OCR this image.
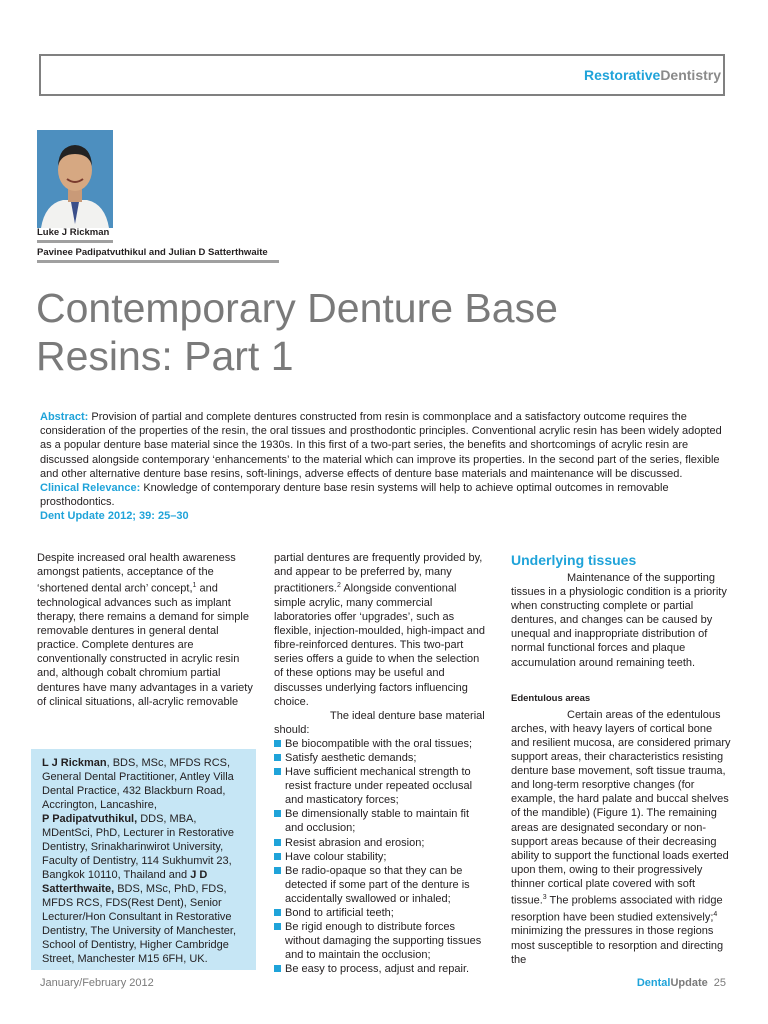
RestorativeDentistry
Luke J Rickman
Pavinee Padipatvuthikul and Julian D Satterthwaite
Contemporary Denture Base
Resins: Part 1
Abstract: Provision of partial and complete dentures constructed from resin is commonplace and a satisfactory outcome requires the consideration of the properties of the resin, the oral tissues and prosthodontic principles. Conventional acrylic resin has been widely adopted as a popular denture base material since the 1930s. In this first of a two-part series, the benefits and shortcomings of acrylic resin are discussed alongside contemporary ‘enhancements’ to the material which can improve its properties. In the second part of the series, flexible and other alternative denture base resins, soft-linings, adverse effects of denture base materials and maintenance will be discussed.
Clinical Relevance: Knowledge of contemporary denture base resin systems will help to achieve optimal outcomes in removable prosthodontics.
Dent Update 2012; 39: 25–30

Despite increased oral health awareness amongst patients, acceptance of the ‘shortened dental arch’ concept,$^1$ and technological advances such as implant therapy, there remains a demand for simple removable dentures in general dental practice. Complete dentures are conventionally constructed in acrylic resin and, although cobalt chromium partial dentures have many advantages in a variety of clinical situations, all-acrylic removable

L J Rickman, BDS, MSc, MFDS RCS, General Dental Practitioner, Antley Villa Dental Practice, 432 Blackburn Road, Accrington, Lancashire,
P Padipatvuthikul, DDS, MBA, MDentSci, PhD, Lecturer in Restorative Dentistry, Srinakharinwirot University, Faculty of Dentistry, 114 Sukhumvit 23, Bangkok 10110, Thailand and J D Satterthwaite, BDS, MSc, PhD, FDS, MFDS RCS, FDS(Rest Dent), Senior Lecturer/Hon Consultant in Restorative Dentistry, The University of Manchester, School of Dentistry, Higher Cambridge Street, Manchester M15 6FH, UK.

partial dentures are frequently provided by, and appear to be preferred by, many practitioners.$^2$ Alongside conventional simple acrylic, many commercial laboratories offer ‘upgrades’, such as flexible, injection-moulded, high-impact and fibre-reinforced dentures. This two-part series offers a guide to when the selection of these options may be useful and discusses underlying factors influencing choice.

The ideal denture base material should:

Be biocompatible with the oral tissues;
Satisfy aesthetic demands;
Have sufficient mechanical strength to resist fracture under repeated occlusal and masticatory forces;
Be dimensionally stable to maintain fit and occlusion;
Resist abrasion and erosion;
Have colour stability;
Be radio-opaque so that they can be detected if some part of the denture is accidentally swallowed or inhaled;
Bond to artificial teeth;
Be rigid enough to distribute forces without damaging the supporting tissues and to maintain the occlusion;
Be easy to process, adjust and repair.

Underlying tissues

Maintenance of the supporting tissues in a physiologic condition is a priority when constructing complete or partial dentures, and changes can be caused by unequal and inappropriate distribution of normal functional forces and plaque accumulation around remaining teeth.

Edentulous areas

Certain areas of the edentulous arches, with heavy layers of cortical bone and resilient mucosa, are considered primary support areas, their characteristics resisting denture base movement, soft tissue trauma, and long-term resorptive changes (for example, the hard palate and buccal shelves of the mandible) (Figure 1). The remaining areas are designated secondary or non-support areas because of their decreasing ability to support the functional loads exerted upon them, owing to their progressively thinner cortical plate covered with soft tissue.$^3$ The problems associated with ridge resorption have been studied extensively;$^4$ minimizing the pressures in those regions most susceptible to resorption and directing the

January/February 2012	DentalUpdate 25
